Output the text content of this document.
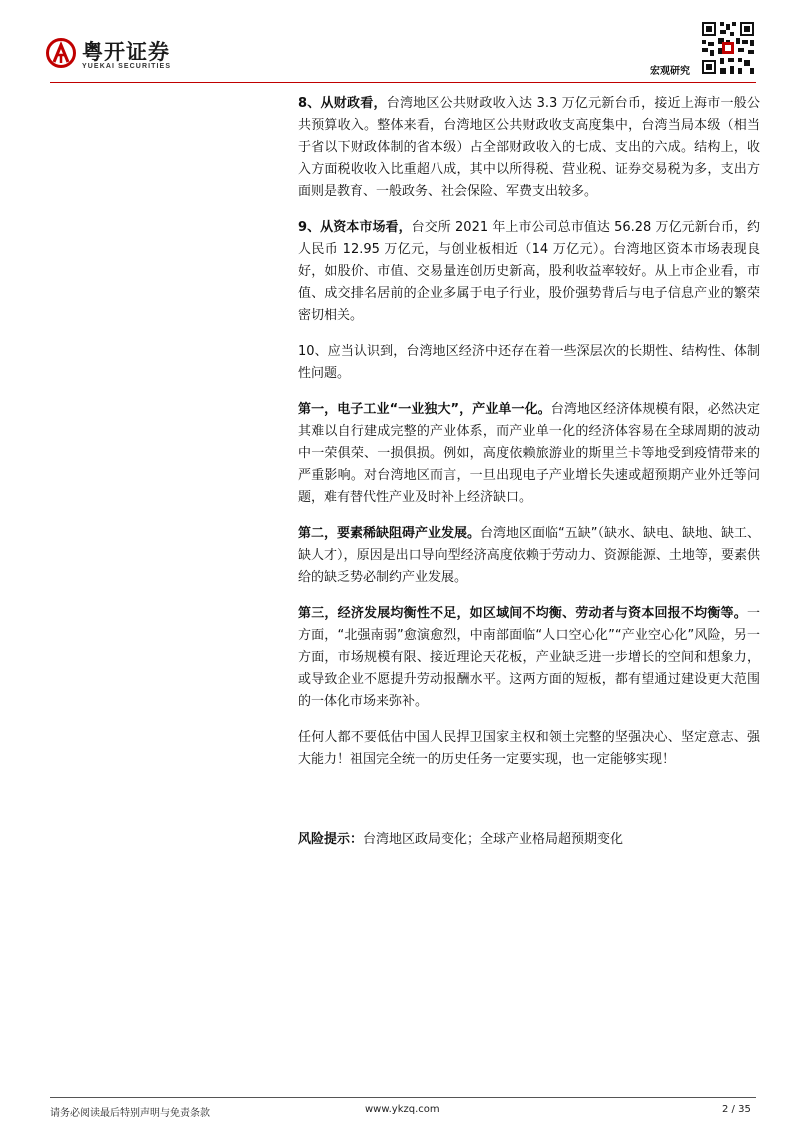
粤开证券
YUEKAI SECURITIES	宏观研究

8、从财政看，台湾地区公共财政收入达 3.3 万亿元新台币，接近上海市一般公共预算收入。整体来看，台湾地区公共财政收支高度集中，台湾当局本级（相当于省以下财政体制的省本级）占全部财政收入的七成、支出的六成。结构上，收入方面税收收入比重超八成，其中以所得税、营业税、证券交易税为多，支出方面则是教育、一般政务、社会保险、军费支出较多。

9、从资本市场看，台交所 2021 年上市公司总市值达 56.28 万亿元新台币，约人民币 12.95 万亿元，与创业板相近（14 万亿元）。台湾地区资本市场表现良好，如股价、市值、交易量连创历史新高，股利收益率较好。从上市企业看，市值、成交排名居前的企业多属于电子行业，股价强势背后与电子信息产业的繁荣密切相关。

10、应当认识到，台湾地区经济中还存在着一些深层次的长期性、结构性、体制性问题。

第一，电子工业“一业独大”，产业单一化。台湾地区经济体规模有限，必然决定其难以自行建成完整的产业体系，而产业单一化的经济体容易在全球周期的波动中一荣俱荣、一损俱损。例如，高度依赖旅游业的斯里兰卡等地受到疫情带来的严重影响。对台湾地区而言，一旦出现电子产业增长失速或超预期产业外迁等问题，难有替代性产业及时补上经济缺口。

第二，要素稀缺阻碍产业发展。台湾地区面临“五缺”（缺水、缺电、缺地、缺工、缺人才），原因是出口导向型经济高度依赖于劳动力、资源能源、土地等，要素供给的缺乏势必制约产业发展。

第三，经济发展均衡性不足，如区域间不均衡、劳动者与资本回报不均衡等。一方面，“北强南弱”愈演愈烈，中南部面临“人口空心化”“产业空心化”风险，另一方面，市场规模有限、接近理论天花板，产业缺乏进一步增长的空间和想象力，或导致企业不愿提升劳动报酬水平。这两方面的短板，都有望通过建设更大范围的一体化市场来弥补。

任何人都不要低估中国人民捍卫国家主权和领土完整的坚强决心、坚定意志、强大能力！祖国完全统一的历史任务一定要实现，也一定能够实现！

风险提示：台湾地区政局变化；全球产业格局超预期变化

请务必阅读最后特别声明与免责条款	www.ykzq.com	2 / 35
